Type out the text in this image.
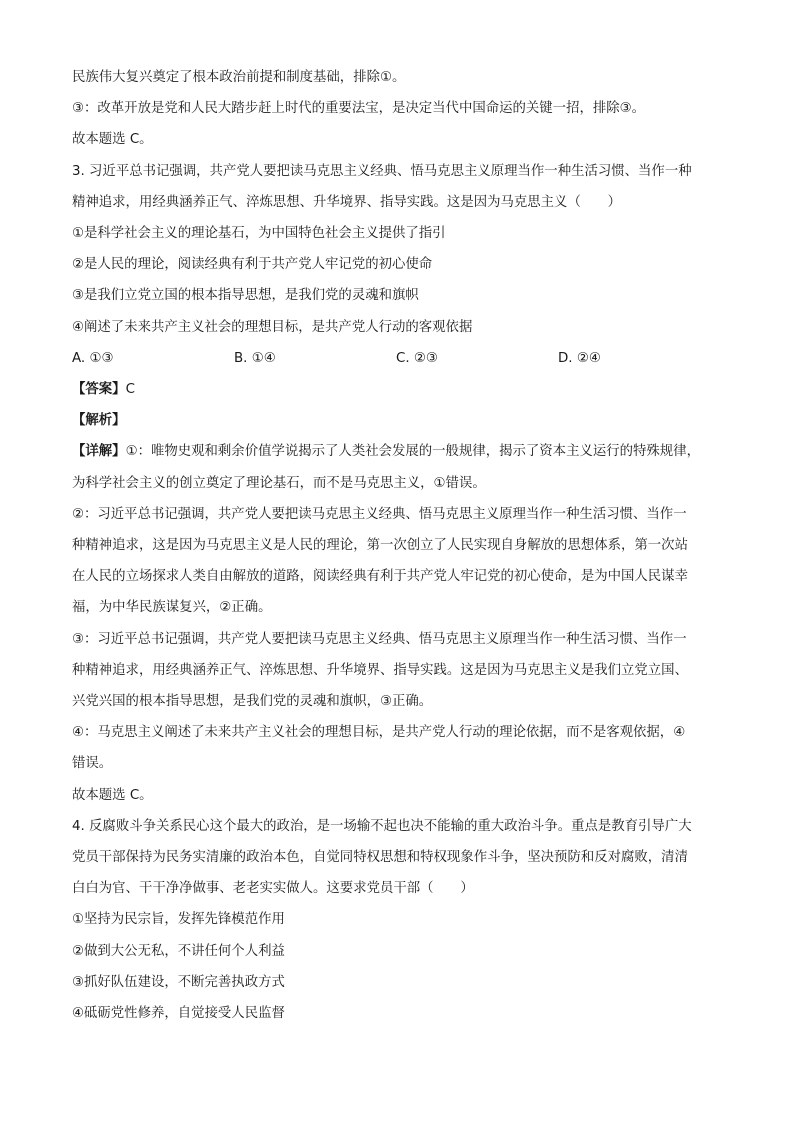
民族伟大复兴奠定了根本政治前提和制度基础，排除①。
③：改革开放是党和人民大踏步赶上时代的重要法宝，是决定当代中国命运的关键一招，排除③。
故本题选 C。
3. 习近平总书记强调，共产党人要把读马克思主义经典、悟马克思主义原理当作一种生活习惯、当作一种
精神追求，用经典涵养正气、淬炼思想、升华境界、指导实践。这是因为马克思主义（　　）
①是科学社会主义的理论基石，为中国特色社会主义提供了指引
②是人民的理论，阅读经典有利于共产党人牢记党的初心使命
③是我们立党立国的根本指导思想，是我们党的灵魂和旗帜
④阐述了未来共产主义社会的理想目标，是共产党人行动的客观依据
A. ①③	B. ①④	C. ②③	D. ②④
【答案】C
【解析】
【详解】①：唯物史观和剩余价值学说揭示了人类社会发展的一般规律，揭示了资本主义运行的特殊规律，
为科学社会主义的创立奠定了理论基石，而不是马克思主义，①错误。
②：习近平总书记强调，共产党人要把读马克思主义经典、悟马克思主义原理当作一种生活习惯、当作一
种精神追求，这是因为马克思主义是人民的理论，第一次创立了人民实现自身解放的思想体系，第一次站
在人民的立场探求人类自由解放的道路，阅读经典有利于共产党人牢记党的初心使命，是为中国人民谋幸
福，为中华民族谋复兴，②正确。
③：习近平总书记强调，共产党人要把读马克思主义经典、悟马克思主义原理当作一种生活习惯、当作一
种精神追求，用经典涵养正气、淬炼思想、升华境界、指导实践。这是因为马克思主义是我们立党立国、
兴党兴国的根本指导思想，是我们党的灵魂和旗帜，③正确。
④：马克思主义阐述了未来共产主义社会的理想目标，是共产党人行动的理论依据，而不是客观依据，④
错误。
故本题选 C。
4. 反腐败斗争关系民心这个最大的政治，是一场输不起也决不能输的重大政治斗争。重点是教育引导广大
党员干部保持为民务实清廉的政治本色，自觉同特权思想和特权现象作斗争，坚决预防和反对腐败，清清
白白为官、干干净净做事、老老实实做人。这要求党员干部（　　）
①坚持为民宗旨，发挥先锋模范作用
②做到大公无私，不讲任何个人利益
③抓好队伍建设，不断完善执政方式
④砥砺党性修养，自觉接受人民监督
